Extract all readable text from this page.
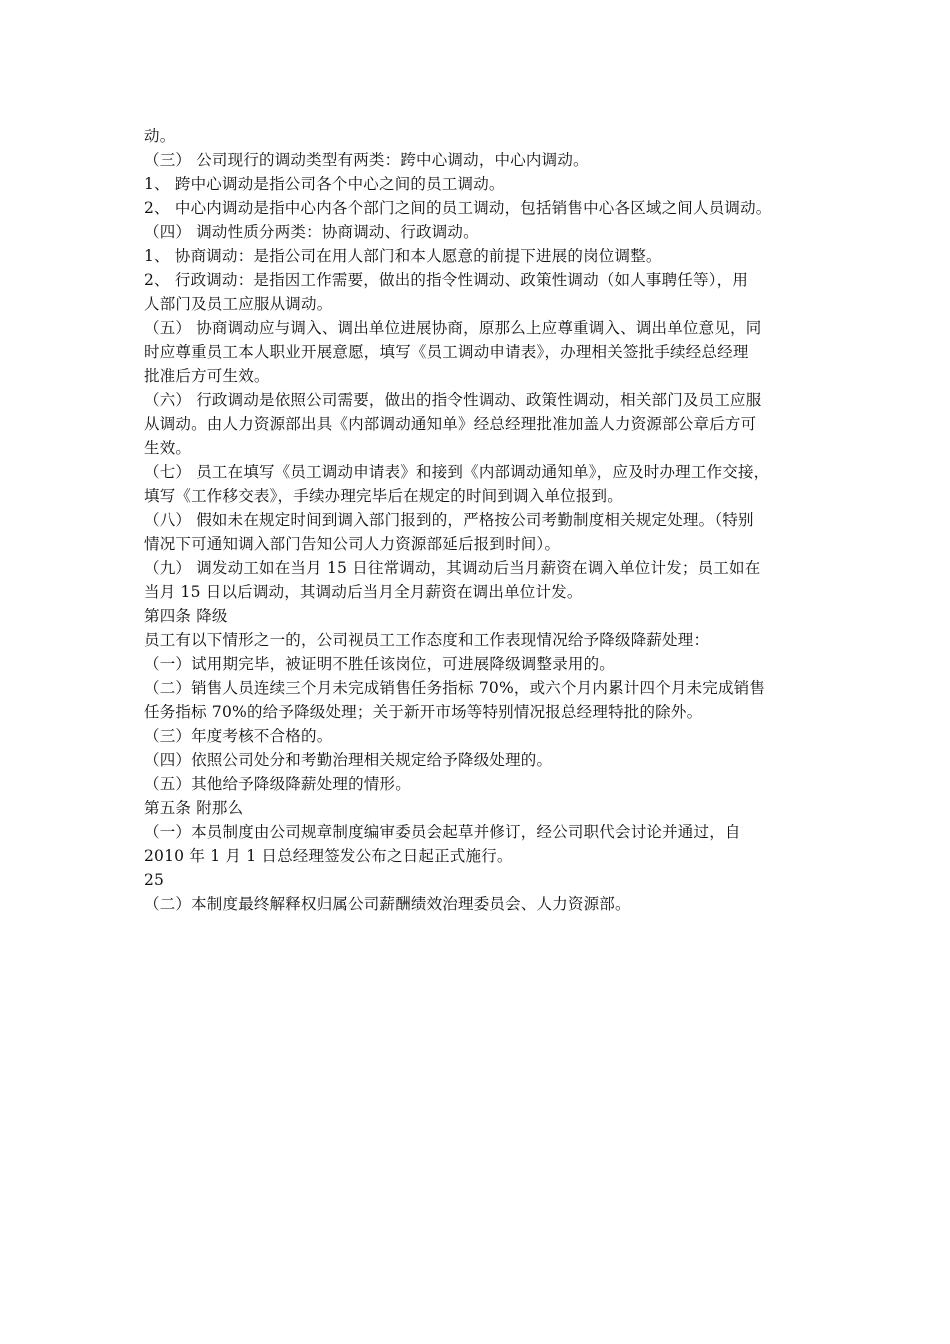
动。
（三） 公司现行的调动类型有两类：跨中心调动，中心内调动。
1、 跨中心调动是指公司各个中心之间的员工调动。
2、 中心内调动是指中心内各个部门之间的员工调动，包括销售中心各区域之间人员调动。
（四） 调动性质分两类：协商调动、行政调动。
1、 协商调动：是指公司在用人部门和本人愿意的前提下进展的岗位调整。
2、 行政调动：是指因工作需要，做出的指令性调动、政策性调动（如人事聘任等），用
人部门及员工应服从调动。
（五） 协商调动应与调入、调出单位进展协商，原那么上应尊重调入、调出单位意见，同
时应尊重员工本人职业开展意愿，填写《员工调动申请表》，办理相关签批手续经总经理
批准后方可生效。
（六） 行政调动是依照公司需要，做出的指令性调动、政策性调动，相关部门及员工应服
从调动。由人力资源部出具《内部调动通知单》经总经理批准加盖人力资源部公章后方可
生效。
（七） 员工在填写《员工调动申请表》和接到《内部调动通知单》，应及时办理工作交接，
填写《工作移交表》，手续办理完毕后在规定的时间到调入单位报到。
（八） 假如未在规定时间到调入部门报到的，严格按公司考勤制度相关规定处理。（特别
情况下可通知调入部门告知公司人力资源部延后报到时间）。
（九） 调发动工如在当月 15 日往常调动，其调动后当月薪资在调入单位计发；员工如在
当月 15 日以后调动，其调动后当月全月薪资在调出单位计发。
第四条 降级
员工有以下情形之一的，公司视员工工作态度和工作表现情况给予降级降薪处理：
（一）试用期完毕，被证明不胜任该岗位，可进展降级调整录用的。
（二）销售人员连续三个月未完成销售任务指标 70%，或六个月内累计四个月未完成销售
任务指标 70%的给予降级处理；关于新开市场等特别情况报总经理特批的除外。
（三）年度考核不合格的。
（四）依照公司处分和考勤治理相关规定给予降级处理的。
（五）其他给予降级降薪处理的情形。
第五条 附那么
（一）本员制度由公司规章制度编审委员会起草并修订，经公司职代会讨论并通过，自
2010 年 1 月 1 日总经理签发公布之日起正式施行。
25
（二）本制度最终解释权归属公司薪酬绩效治理委员会、人力资源部。
